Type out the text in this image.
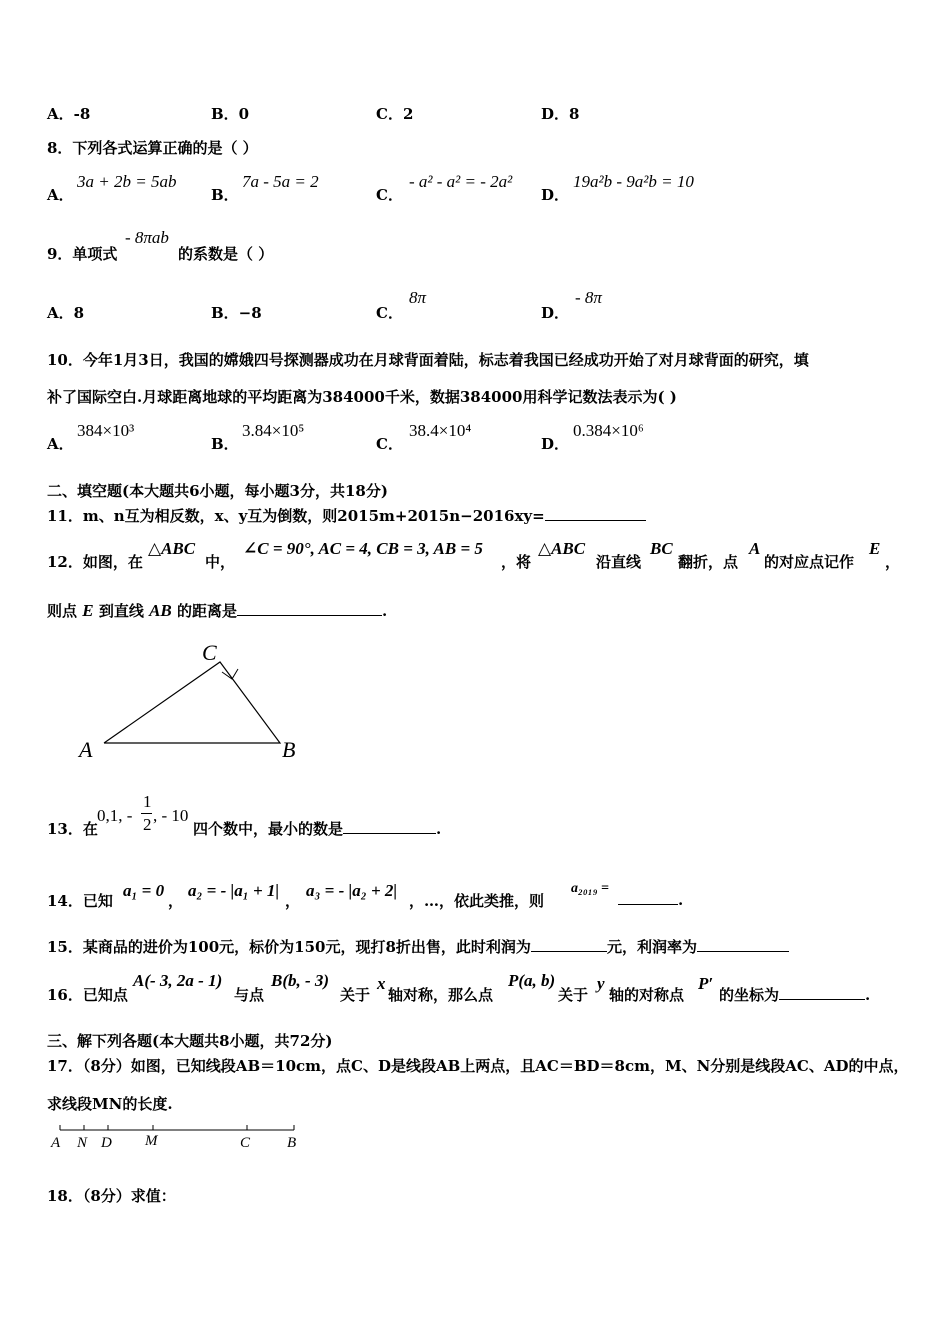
A．-8	B．0	C．2	D．8
8．下列各式运算正确的是（ ）
A．
3a + 2b = 5ab
B．
7a - 5a = 2
C．
- a² - a² = - 2a²
D．
19a²b - 9a²b = 10
9．单项式
- 8πab
的系数是（ ）
A．8	B．−8	C．
8π
D．
- 8π
10．今年1月3日，我国的嫦娥四号探测器成功在月球背面着陆，标志着我国已经成功开始了对月球背面的研究，填
补了国际空白.月球距离地球的平均距离为384000千米，数据384000用科学记数法表示为( )
A．
384×10³
B．
3.84×10⁵
C．
38.4×10⁴
D．
0.384×10⁶
二、填空题(本大题共6小题，每小题3分，共18分)
11．m、n互为相反数，x、y互为倒数，则2015m+2015n−2016xy=
12．如图，在
△ABC
中，
∠C = 90°, AC = 4, CB = 3, AB = 5
，将
△ABC
沿直线
BC
翻折，点
A
的对应点记作
E
，
则点 E 到直线 AB 的距离是	.
C
A	B
13．在
0,1, -
1
2 , - 10
四个数中，最小的数是	.
14．已知
a₁ = 0
，
a₂ = - |a₁ + 1|
，
a₃ = - |a₂ + 2|
，…，依此类推，则
a₂₀₁₉ =
.
15．某商品的进价为100元，标价为150元，现打8折出售，此时利润为	元，利润率为
16．已知点
A(- 3, 2a - 1)
与点
B(b, - 3)
关于
x
轴对称，那么点
P(a, b)
关于
y
轴的对称点
P′
的坐标为	.
三、解下列各题(本大题共8小题，共72分)
17．（8分）如图，已知线段AB＝10cm，点C、D是线段AB上两点，且AC＝BD＝8cm，M、N分别是线段AC、AD的中点，
求线段MN的长度.
A N D M	C B
18．（8分）求值：
